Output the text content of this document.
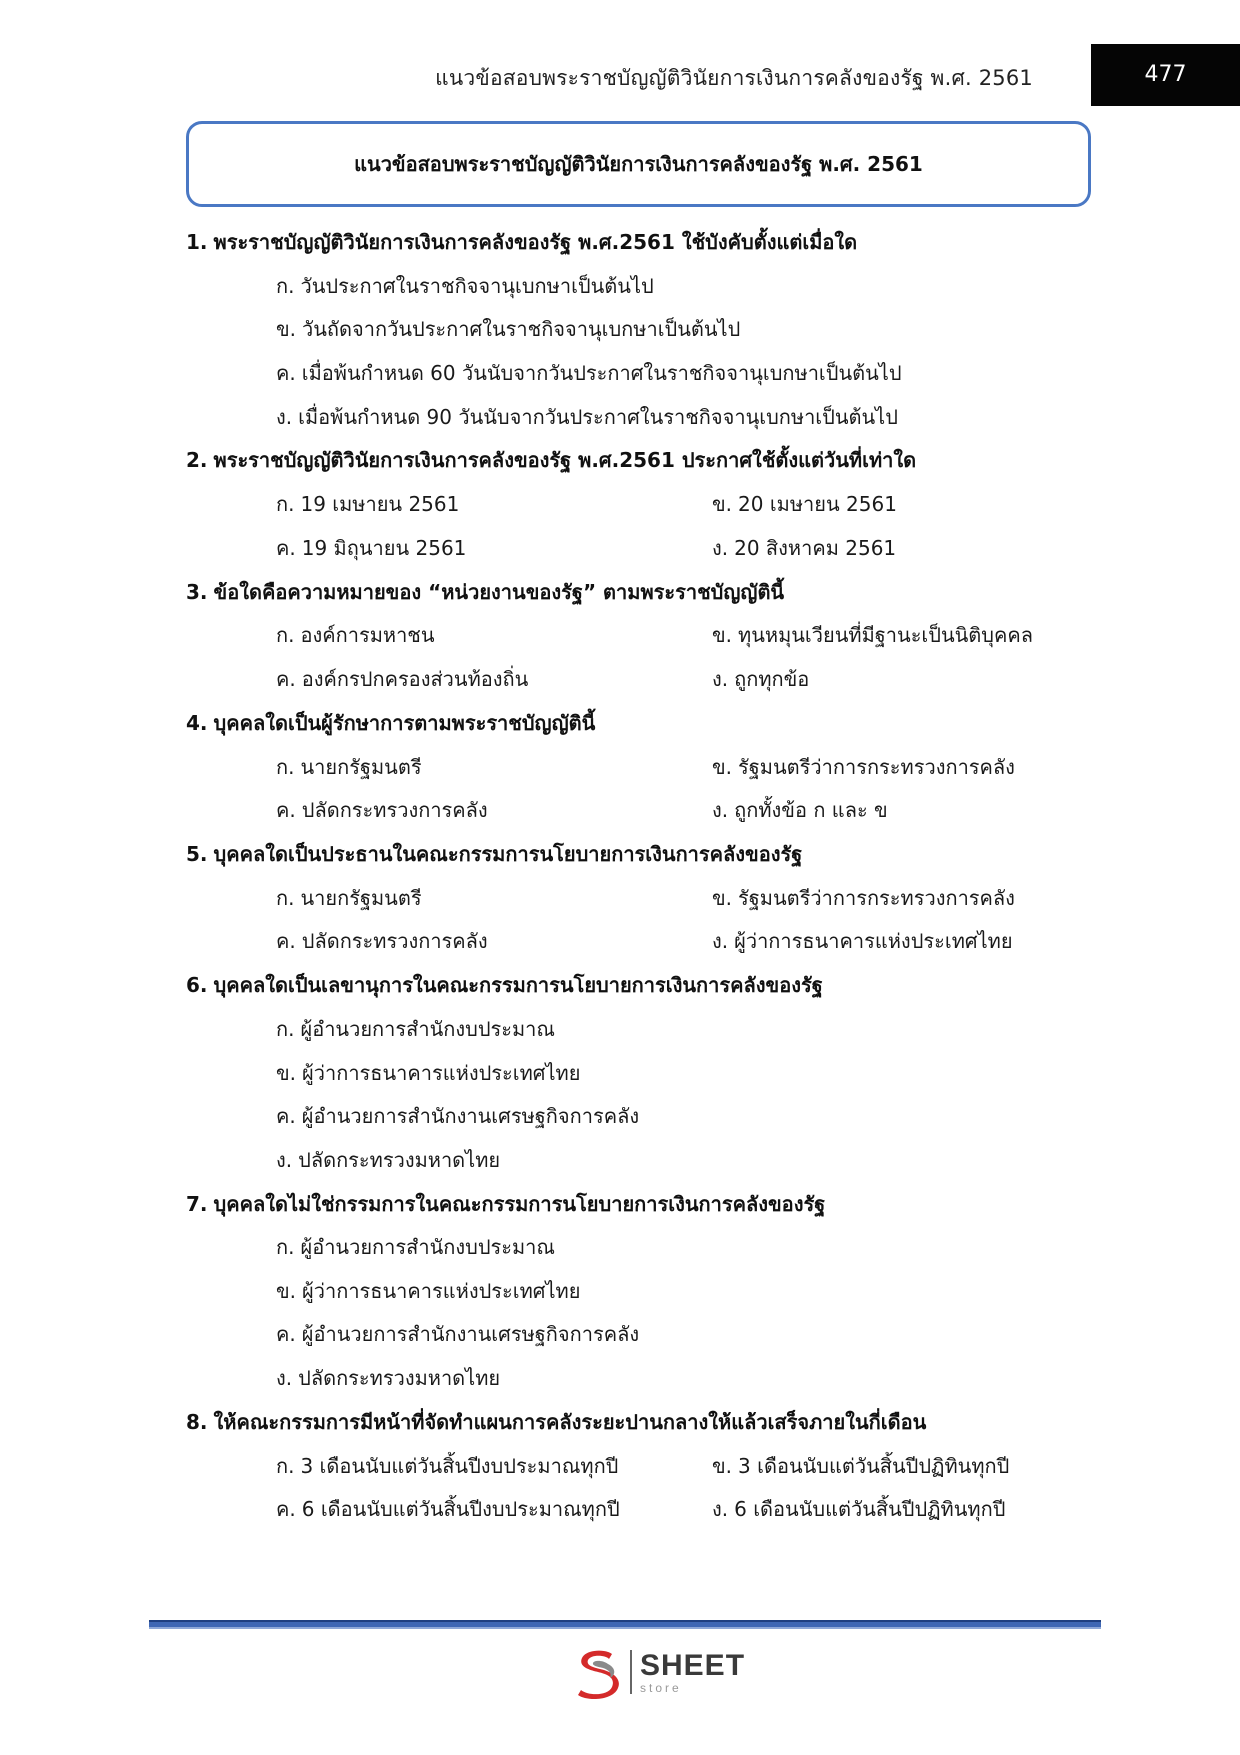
แนวข้อสอบพระราชบัญญัติวินัยการเงินการคลังของรัฐ พ.ศ. 2561	477
แนวข้อสอบพระราชบัญญัติวินัยการเงินการคลังของรัฐ พ.ศ. 2561
1. พระราชบัญญัติวินัยการเงินการคลังของรัฐ พ.ศ.2561 ใช้บังคับตั้งแต่เมื่อใด
ก. วันประกาศในราชกิจจานุเบกษาเป็นต้นไป
ข. วันถัดจากวันประกาศในราชกิจจานุเบกษาเป็นต้นไป
ค. เมื่อพ้นกำหนด 60 วันนับจากวันประกาศในราชกิจจานุเบกษาเป็นต้นไป
ง. เมื่อพ้นกำหนด 90 วันนับจากวันประกาศในราชกิจจานุเบกษาเป็นต้นไป
2. พระราชบัญญัติวินัยการเงินการคลังของรัฐ พ.ศ.2561 ประกาศใช้ตั้งแต่วันที่เท่าใด
ก. 19 เมษายน 2561	ข. 20 เมษายน 2561
ค. 19 มิถุนายน 2561	ง. 20 สิงหาคม 2561
3. ข้อใดคือความหมายของ “หน่วยงานของรัฐ” ตามพระราชบัญญัตินี้
ก. องค์การมหาชน	ข. ทุนหมุนเวียนที่มีฐานะเป็นนิติบุคคล
ค. องค์กรปกครองส่วนท้องถิ่น	ง. ถูกทุกข้อ
4. บุคคลใดเป็นผู้รักษาการตามพระราชบัญญัตินี้
ก. นายกรัฐมนตรี	ข. รัฐมนตรีว่าการกระทรวงการคลัง
ค. ปลัดกระทรวงการคลัง	ง. ถูกทั้งข้อ ก และ ข
5. บุคคลใดเป็นประธานในคณะกรรมการนโยบายการเงินการคลังของรัฐ
ก. นายกรัฐมนตรี	ข. รัฐมนตรีว่าการกระทรวงการคลัง
ค. ปลัดกระทรวงการคลัง	ง. ผู้ว่าการธนาคารแห่งประเทศไทย
6. บุคคลใดเป็นเลขานุการในคณะกรรมการนโยบายการเงินการคลังของรัฐ
ก. ผู้อำนวยการสำนักงบประมาณ
ข. ผู้ว่าการธนาคารแห่งประเทศไทย
ค. ผู้อำนวยการสำนักงานเศรษฐกิจการคลัง
ง. ปลัดกระทรวงมหาดไทย
7. บุคคลใดไม่ใช่กรรมการในคณะกรรมการนโยบายการเงินการคลังของรัฐ
ก. ผู้อำนวยการสำนักงบประมาณ
ข. ผู้ว่าการธนาคารแห่งประเทศไทย
ค. ผู้อำนวยการสำนักงานเศรษฐกิจการคลัง
ง. ปลัดกระทรวงมหาดไทย
8. ให้คณะกรรมการมีหน้าที่จัดทำแผนการคลังระยะปานกลางให้แล้วเสร็จภายในกี่เดือน
ก. 3 เดือนนับแต่วันสิ้นปีงบประมาณทุกปี	ข. 3 เดือนนับแต่วันสิ้นปีปฏิทินทุกปี
ค. 6 เดือนนับแต่วันสิ้นปีงบประมาณทุกปี	ง. 6 เดือนนับแต่วันสิ้นปีปฏิทินทุกปี
SHEET
store
